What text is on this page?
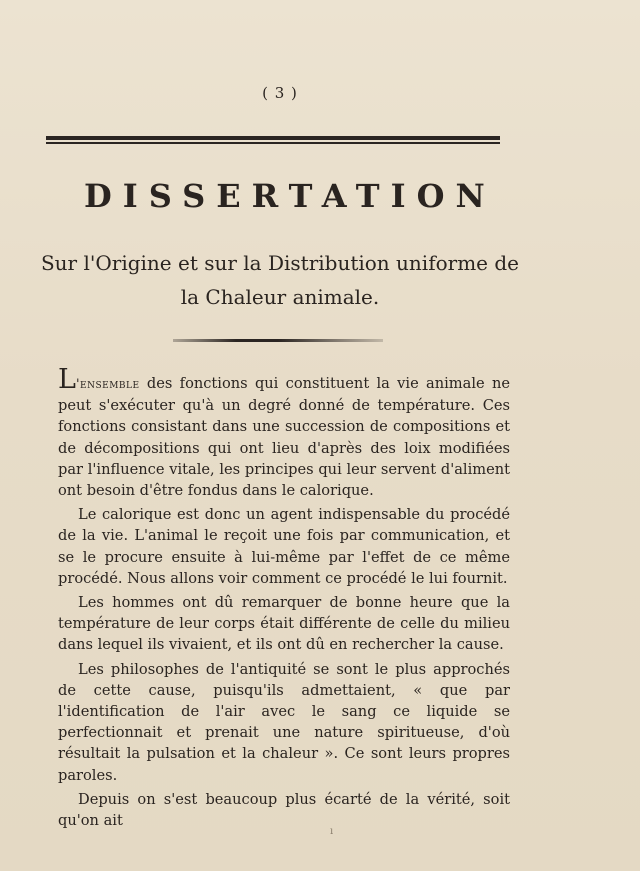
( 3 )
DISSERTATION
Sur l'Origine et sur la Distribution uniforme de
la Chaleur animale.

L'ensemble des fonctions qui constituent la vie animale ne peut s'exécuter qu'à un degré donné de température. Ces fonctions consistant dans une succession de compositions et de décompositions qui ont lieu d'après des loix modifiées par l'influence vitale, les principes qui leur servent d'aliment ont besoin d'être fondus dans le calorique.

Le calorique est donc un agent indispensable du procédé de la vie. L'animal le reçoit une fois par communication, et se le procure ensuite à lui-même par l'effet de ce même procédé. Nous allons voir comment ce procédé le lui fournit.

Les hommes ont dû remarquer de bonne heure que la température de leur corps était différente de celle du milieu dans lequel ils vivaient, et ils ont dû en rechercher la cause.

Les philosophes de l'antiquité se sont le plus approchés de cette cause, puisqu'ils admettaient, « que par l'identification de l'air avec le sang ce liquide se perfectionnait et prenait une nature spiritueuse, d'où résultait la pulsation et la chaleur ». Ce sont leurs propres paroles.

Depuis on s'est beaucoup plus écarté de la vérité, soit qu'on ait

ı
